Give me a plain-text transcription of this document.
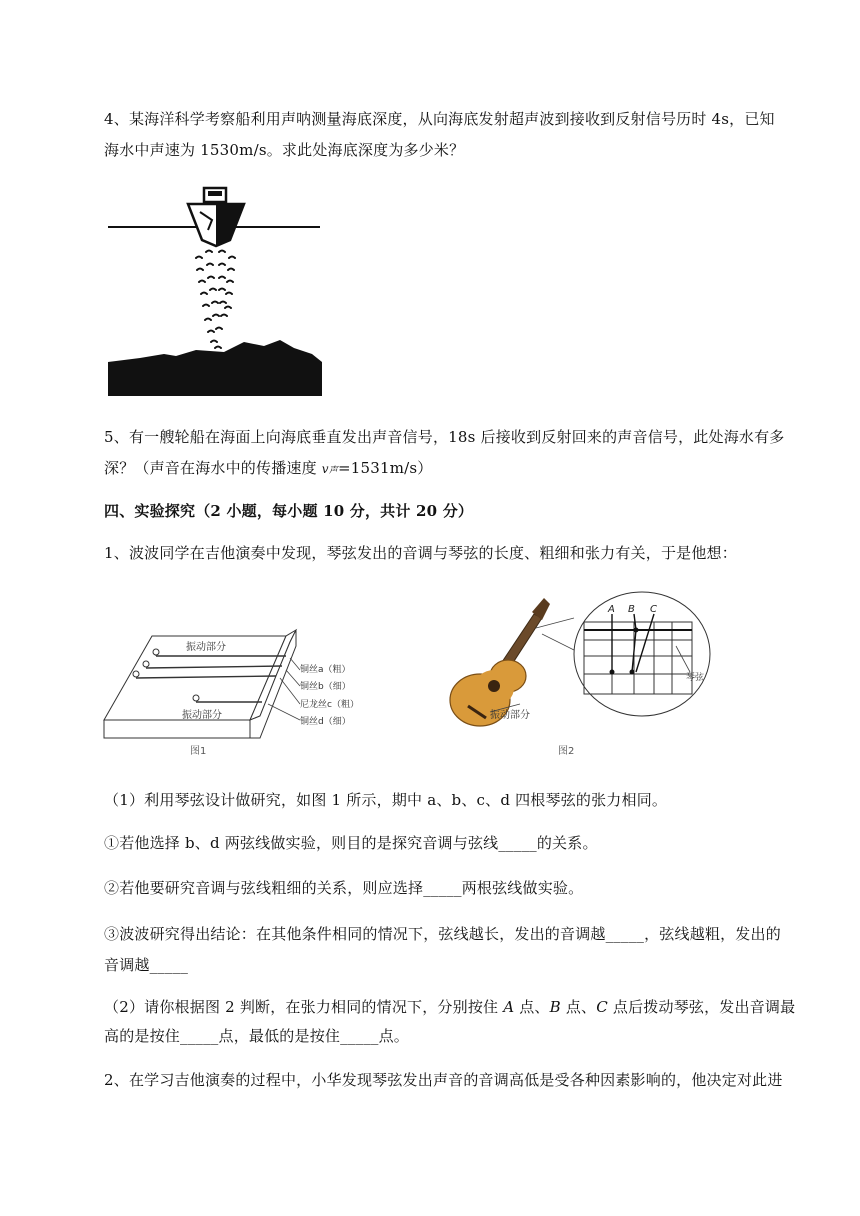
4、某海洋科学考察船利用声呐测量海底深度，从向海底发射超声波到接收到反射信号历时 4s，已知
海水中声速为 1530m/s。求此处海底深度为多少米？
5、有一艘轮船在海面上向海底垂直发出声音信号，18s 后接收到反射回来的声音信号，此处海水有多
深？（声音在海水中的传播速度 v声=1531m/s）
四、实验探究（2 小题，每小题 10 分，共计 20 分）
1、波波同学在吉他演奏中发现，琴弦发出的音调与琴弦的长度、粗细和张力有关，于是他想：
振动部分
振动部分
铜丝a（粗）
铜丝b（细）
尼龙丝c（粗）
铜丝d（细）
图1
A B C
琴弦
振动部分
图2
（1）利用琴弦设计做研究，如图 1 所示，期中 a、b、c、d 四根琴弦的张力相同。
①若他选择 b、d 两弦线做实验，则目的是探究音调与弦线_____的关系。
②若他要研究音调与弦线粗细的关系，则应选择_____两根弦线做实验。
③波波研究得出结论：在其他条件相同的情况下，弦线越长，发出的音调越_____，弦线越粗，发出的
音调越_____
（2）请你根据图 2 判断，在张力相同的情况下，分别按住 A 点、B 点、C 点后拨动琴弦，发出音调最
高的是按住_____点，最低的是按住_____点。
2、在学习吉他演奏的过程中，小华发现琴弦发出声音的音调高低是受各种因素影响的，他决定对此进
